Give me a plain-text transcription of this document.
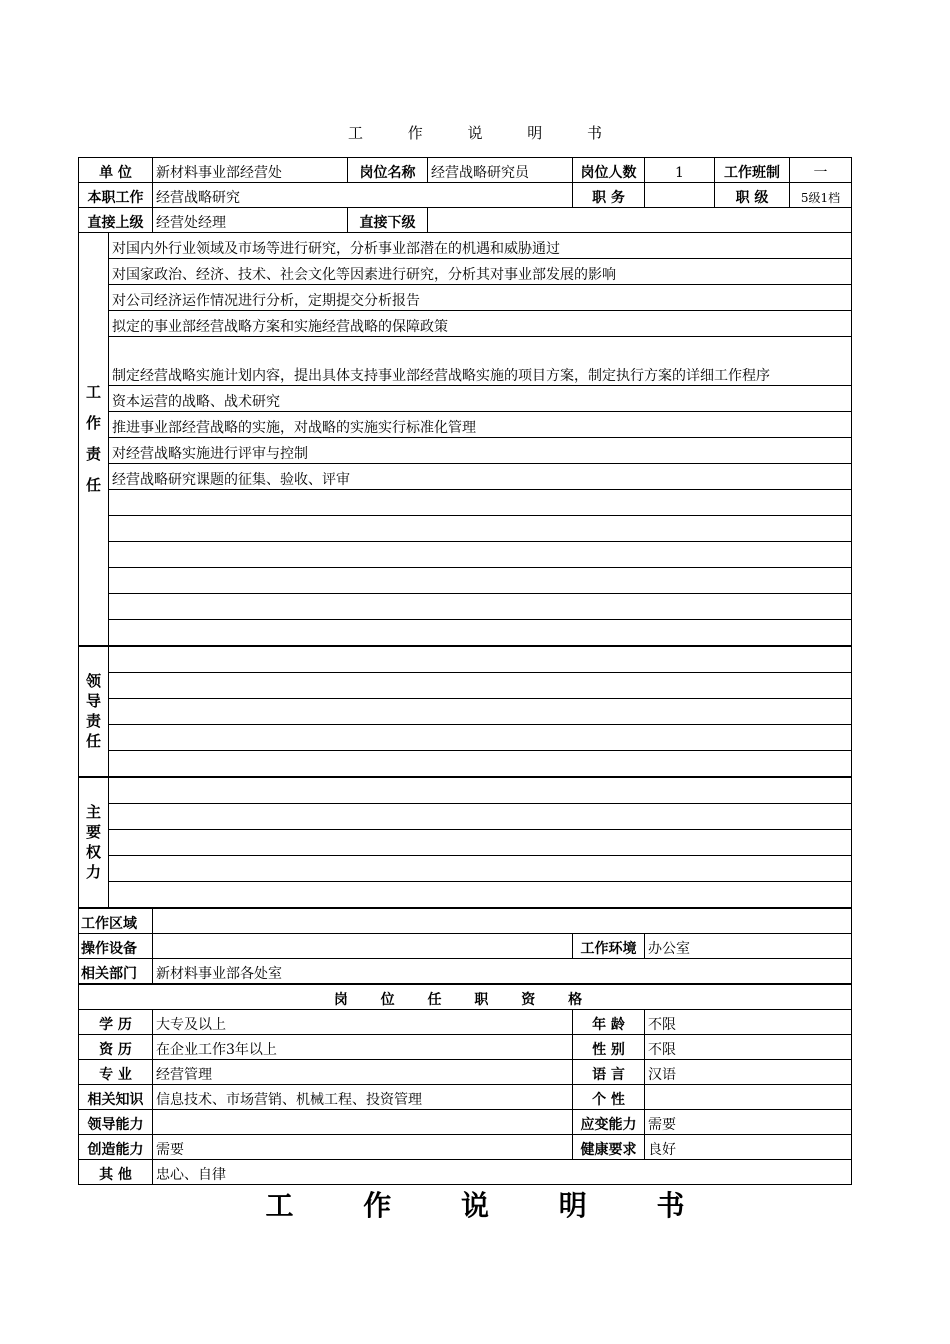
工 作 说 明 书
单 位		新材料事业部经营处	岗位名称	经营战略研究员	岗位人数	1	工作班制	一
本职工作		经营战略研究			职 务		职 级	5级1档
直接上级		经营处经理	直接下级					

工
作
责
任	对国内外行业领域及市场等进行研究，分析事业部潜在的机遇和威胁通过							
	对国家政治、经济、技术、社会文化等因素进行研究，分析其对事业部发展的影响							
	对公司经济运作情况进行分析，定期提交分析报告							
	拟定的事业部经营战略方案和实施经营战略的保障政策							
	制定经营战略实施计划内容，提出具体支持事业部经营战略实施的项目方案，制定执行方案的详细工作程序							
	资本运营的战略、战术研究							
	推进事业部经营战略的实施，对战略的实施实行标准化管理							
	对经营战略实施进行评审与控制							
	经营战略研究课题的征集、验收、评审							

领
导
责
任								

主
要
权
力								

工作区域								
操作设备					工作环境	办公室		
相关部门		新材料事业部各处室						
岗 位 任 职 资 格								
学 历		大专及以上			年 龄	不限		
资 历		在企业工作3年以上			性 别	不限		
专 业		经营管理			语 言	汉语		
相关知识		信息技术、市场营销、机械工程、投资管理			个 性			
领导能力					应变能力	需要		
创造能力		需要			健康要求	良好		
其 他		忠心、自律						
工 作 说 明 书
